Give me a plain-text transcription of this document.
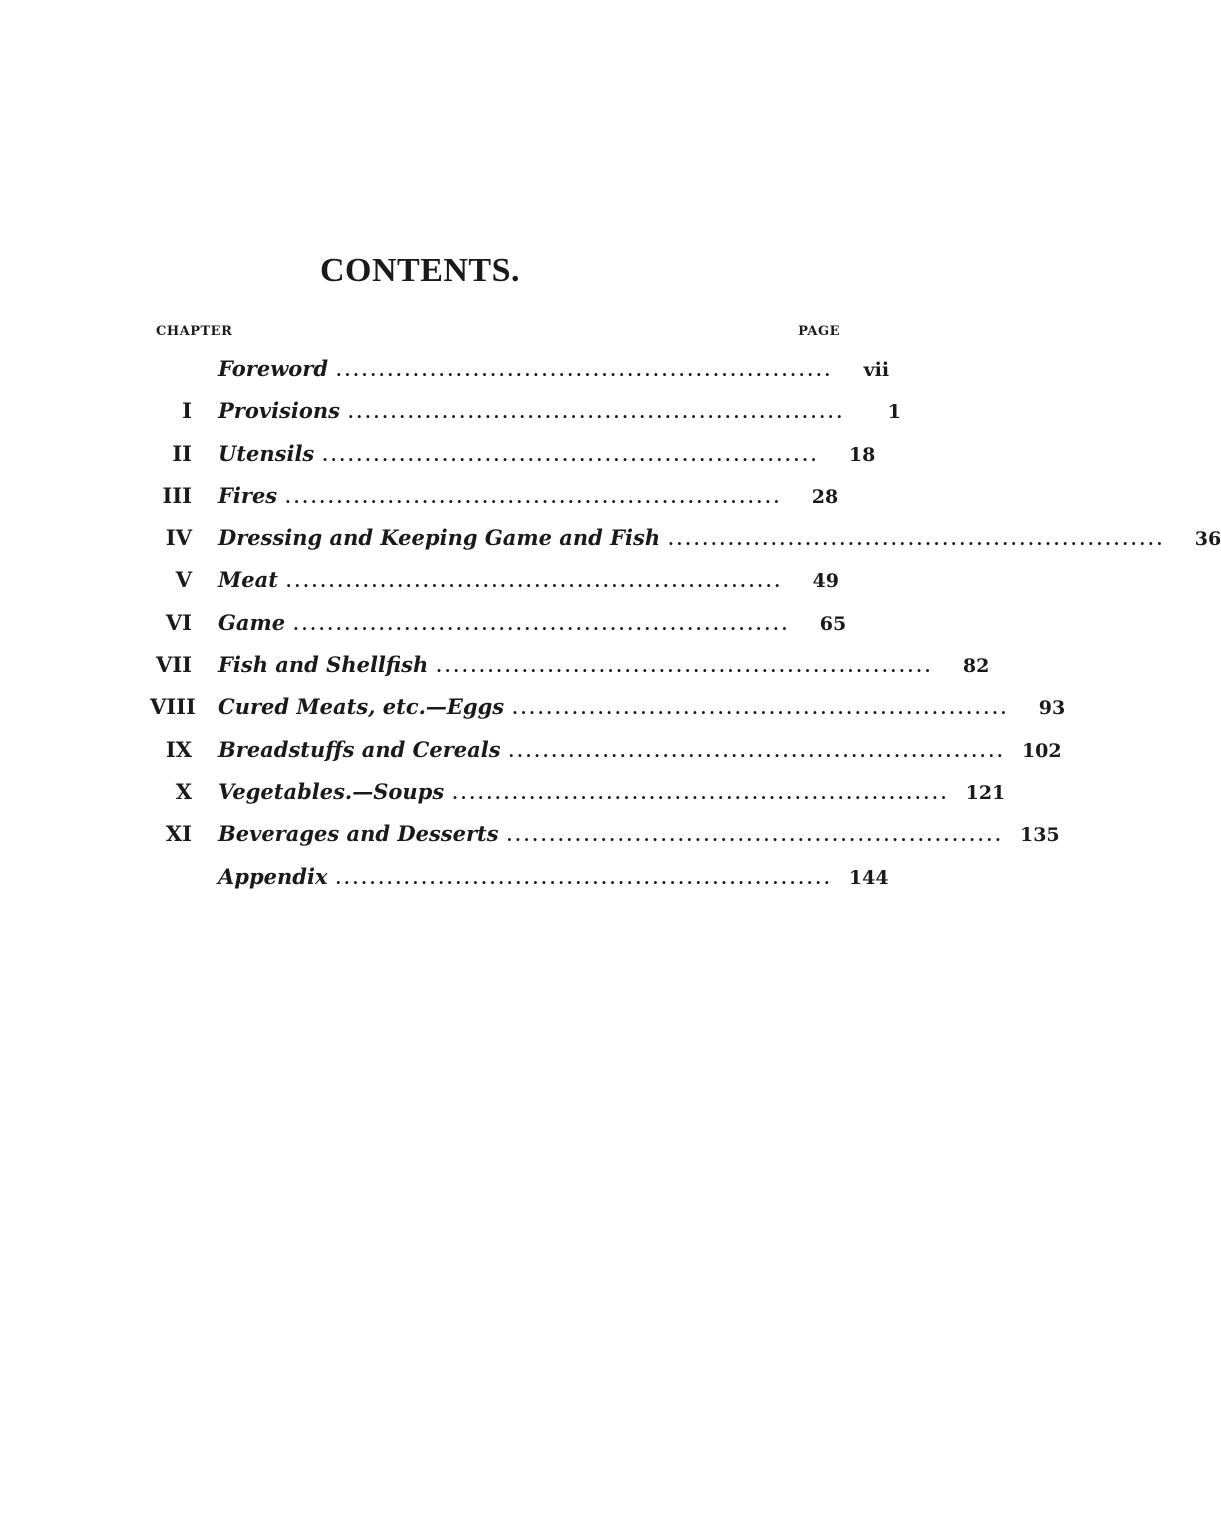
CONTENTS.
CHAPTER	PAGE
Foreword ..........................................................	vii
I	Provisions ..........................................................	1
II	Utensils ..........................................................	18
III	Fires ..........................................................	28
IV	Dressing and Keeping Game and Fish ..........................................................	36
V	Meat ..........................................................	49
VI	Game ..........................................................	65
VII	Fish and Shellfish ..........................................................	82
VIII	Cured Meats, etc.—Eggs ..........................................................	93
IX	Breadstuffs and Cereals .......................................................... 102
X	Vegetables.—Soups .......................................................... 121
XI	Beverages and Desserts .......................................................... 135
Appendix .......................................................... 144
